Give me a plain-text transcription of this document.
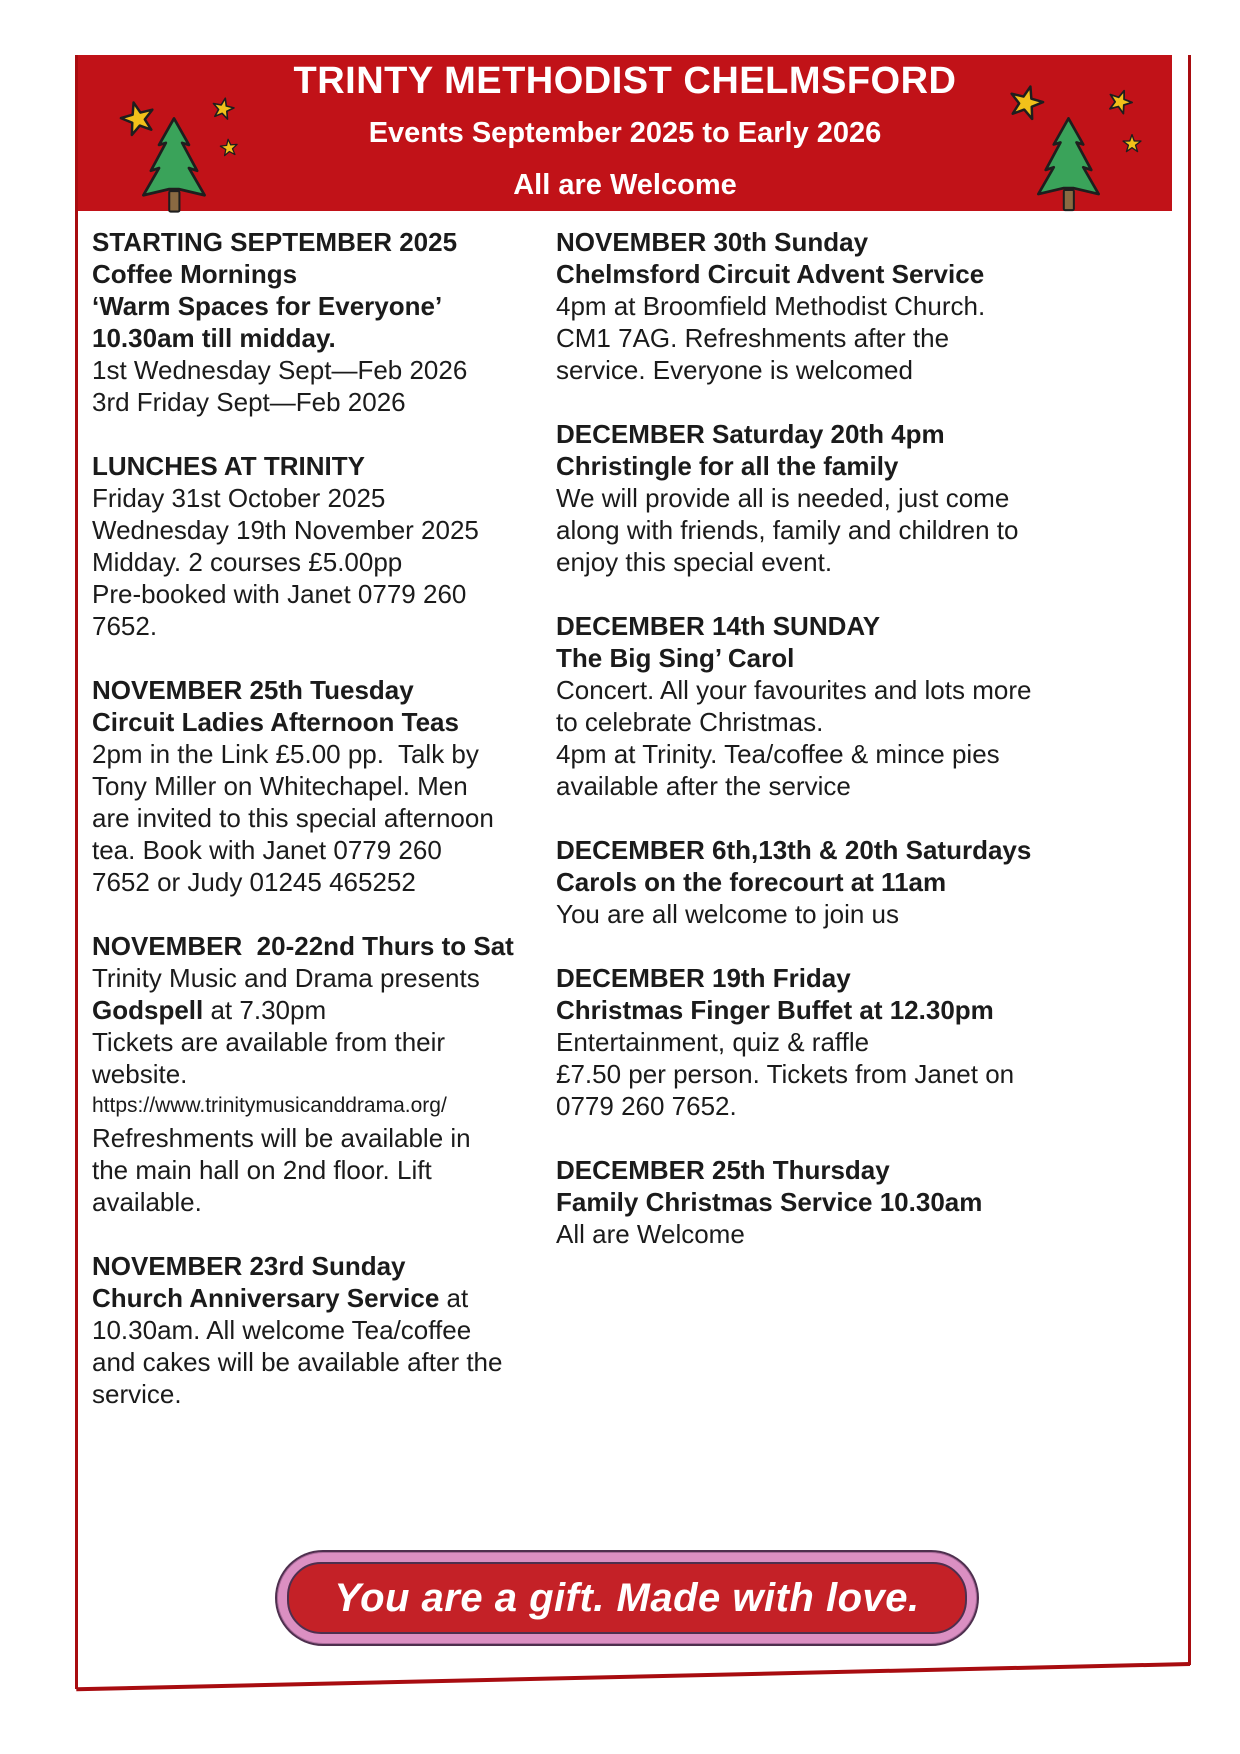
TRINTY METHODIST CHELMSFORD
Events September 2025 to Early 2026
All are Welcome
STARTING SEPTEMBER 2025
Coffee Mornings
‘Warm Spaces for Everyone’
10.30am till midday.
1st Wednesday Sept—Feb 2026
3rd Friday Sept—Feb 2026
LUNCHES AT TRINITY
Friday 31st October 2025
Wednesday 19th November 2025
Midday. 2 courses £5.00pp
Pre-booked with Janet 0779 260
7652.
NOVEMBER 25th Tuesday
Circuit Ladies Afternoon Teas
2pm in the Link £5.00 pp.  Talk by
Tony Miller on Whitechapel. Men
are invited to this special afternoon
tea. Book with Janet 0779 260
7652 or Judy 01245 465252
NOVEMBER  20-22nd Thurs to Sat
Trinity Music and Drama presents
Godspell at 7.30pm
Tickets are available from their
website.
https://www.trinitymusicanddrama.org/
Refreshments will be available in
the main hall on 2nd floor. Lift
available.
NOVEMBER 23rd Sunday
Church Anniversary Service at
10.30am. All welcome Tea/coffee
and cakes will be available after the
service.
NOVEMBER 30th Sunday
Chelmsford Circuit Advent Service
4pm at Broomfield Methodist Church.
CM1 7AG. Refreshments after the
service. Everyone is welcomed
DECEMBER Saturday 20th 4pm
Christingle for all the family
We will provide all is needed, just come
along with friends, family and children to
enjoy this special event.
DECEMBER 14th SUNDAY
The Big Sing’ Carol
Concert. All your favourites and lots more
to celebrate Christmas.
4pm at Trinity. Tea/coffee & mince pies
available after the service
DECEMBER 6th,13th & 20th Saturdays
Carols on the forecourt at 11am
You are all welcome to join us
DECEMBER 19th Friday
Christmas Finger Buffet at 12.30pm
Entertainment, quiz & raffle
£7.50 per person. Tickets from Janet on
0779 260 7652.
DECEMBER 25th Thursday
Family Christmas Service 10.30am
All are Welcome
You are a gift. Made with love.
